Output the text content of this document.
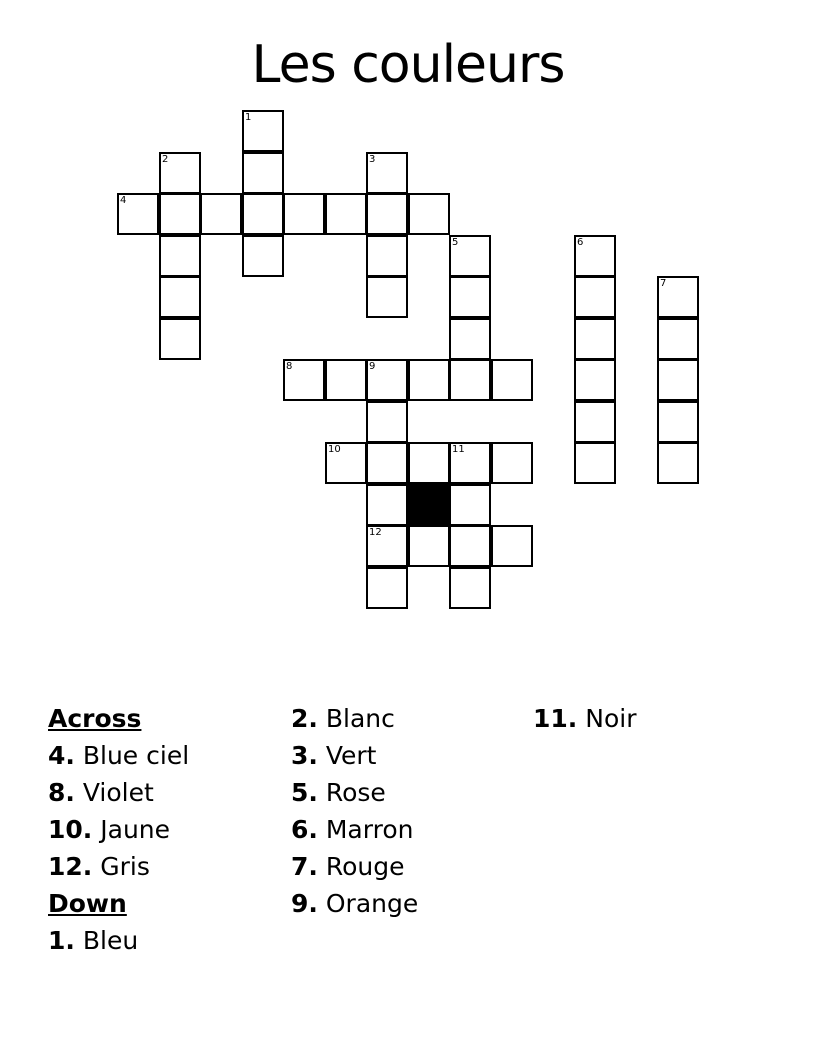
Les couleurs
1
2	3
4
5	6
7
8	9
10	11
12
Across
4. Blue ciel
8. Violet
10. Jaune
12. Gris
Down
1. Bleu
2. Blanc
3. Vert
5. Rose
6. Marron
7. Rouge
9. Orange
11. Noir
